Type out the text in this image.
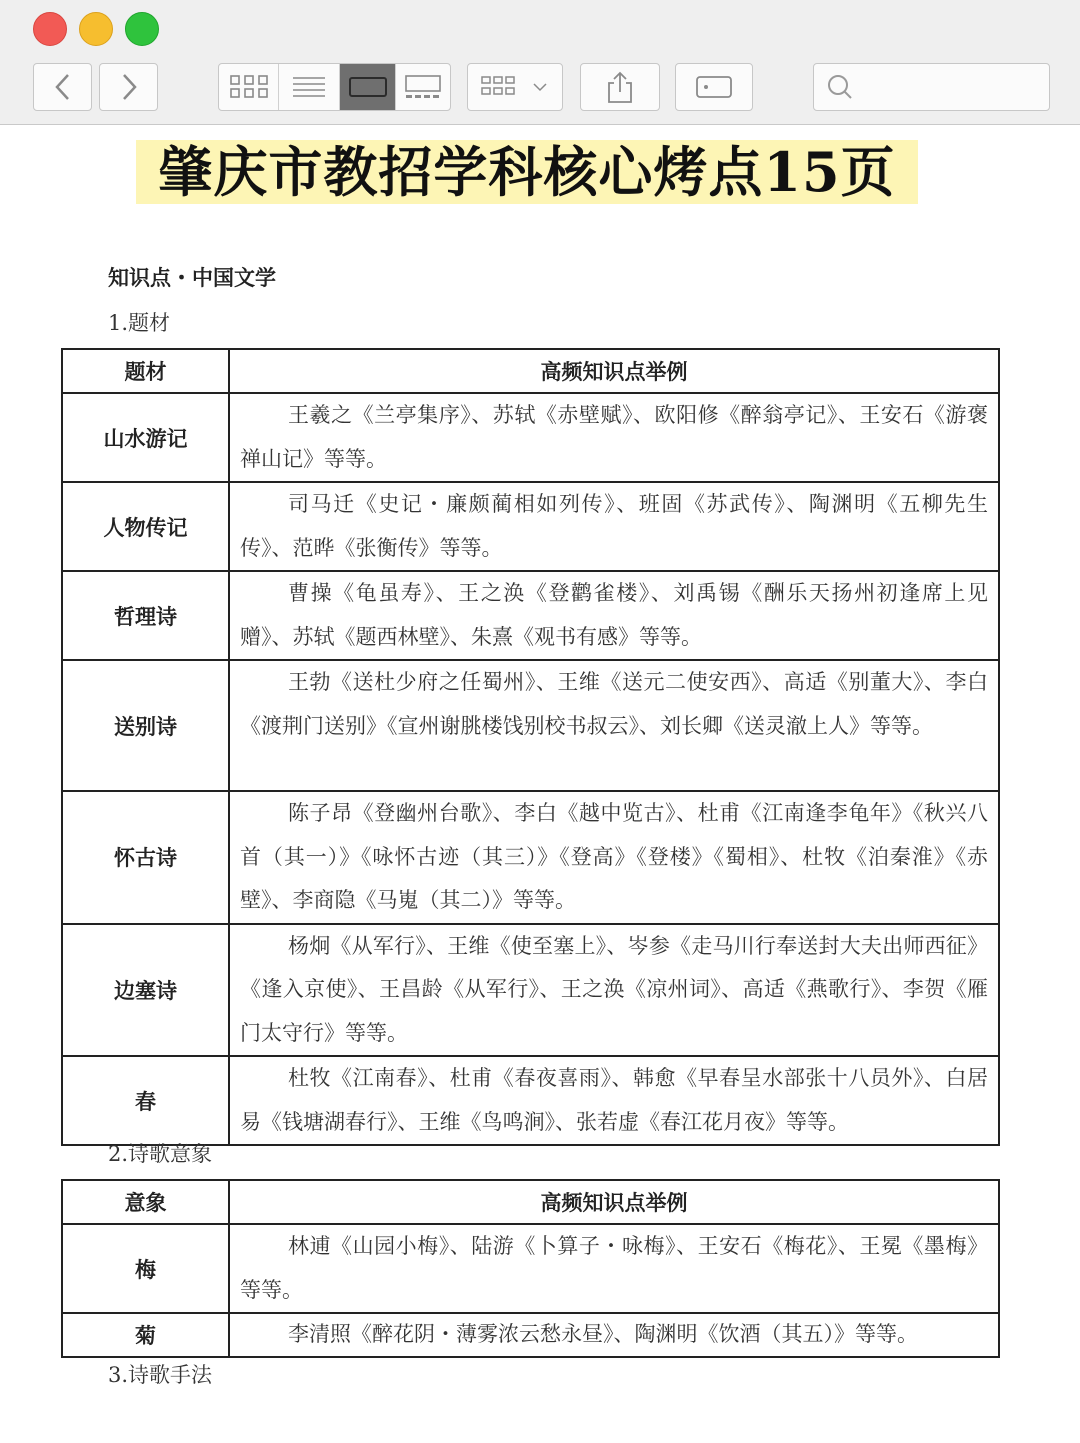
肇庆市教招学科核心烤点15页
知识点・中国文学
1.题材
题材	高频知识点举例
山水游记	王羲之《兰亭集序》、苏轼《赤壁赋》、欧阳修《醉翁亭记》、王安石《游褒禅山记》等等。
人物传记	司马迁《史记・廉颇蔺相如列传》、班固《苏武传》、陶渊明《五柳先生传》、范晔《张衡传》等等。
哲理诗	曹操《龟虽寿》、王之涣《登鹳雀楼》、刘禹锡《酬乐天扬州初逢席上见赠》、苏轼《题西林壁》、朱熹《观书有感》等等。
送别诗	王勃《送杜少府之任蜀州》、王维《送元二使安西》、高适《别董大》、李白《渡荆门送别》《宣州谢朓楼饯别校书叔云》、刘长卿《送灵澈上人》等等。
怀古诗	陈子昂《登幽州台歌》、李白《越中览古》、杜甫《江南逢李龟年》《秋兴八首（其一）》《咏怀古迹（其三）》《登高》《登楼》《蜀相》、杜牧《泊秦淮》《赤壁》、李商隐《马嵬（其二）》等等。
边塞诗	杨炯《从军行》、王维《使至塞上》、岑参《走马川行奉送封大夫出师西征》《逢入京使》、王昌龄《从军行》、王之涣《凉州词》、高适《燕歌行》、李贺《雁门太守行》等等。
春	杜牧《江南春》、杜甫《春夜喜雨》、韩愈《早春呈水部张十八员外》、白居易《钱塘湖春行》、王维《鸟鸣涧》、张若虚《春江花月夜》等等。
2.诗歌意象
意象	高频知识点举例
梅	林逋《山园小梅》、陆游《卜算子・咏梅》、王安石《梅花》、王冕《墨梅》等等。
菊	李清照《醉花阴・薄雾浓云愁永昼》、陶渊明《饮酒（其五）》等等。
3.诗歌手法
